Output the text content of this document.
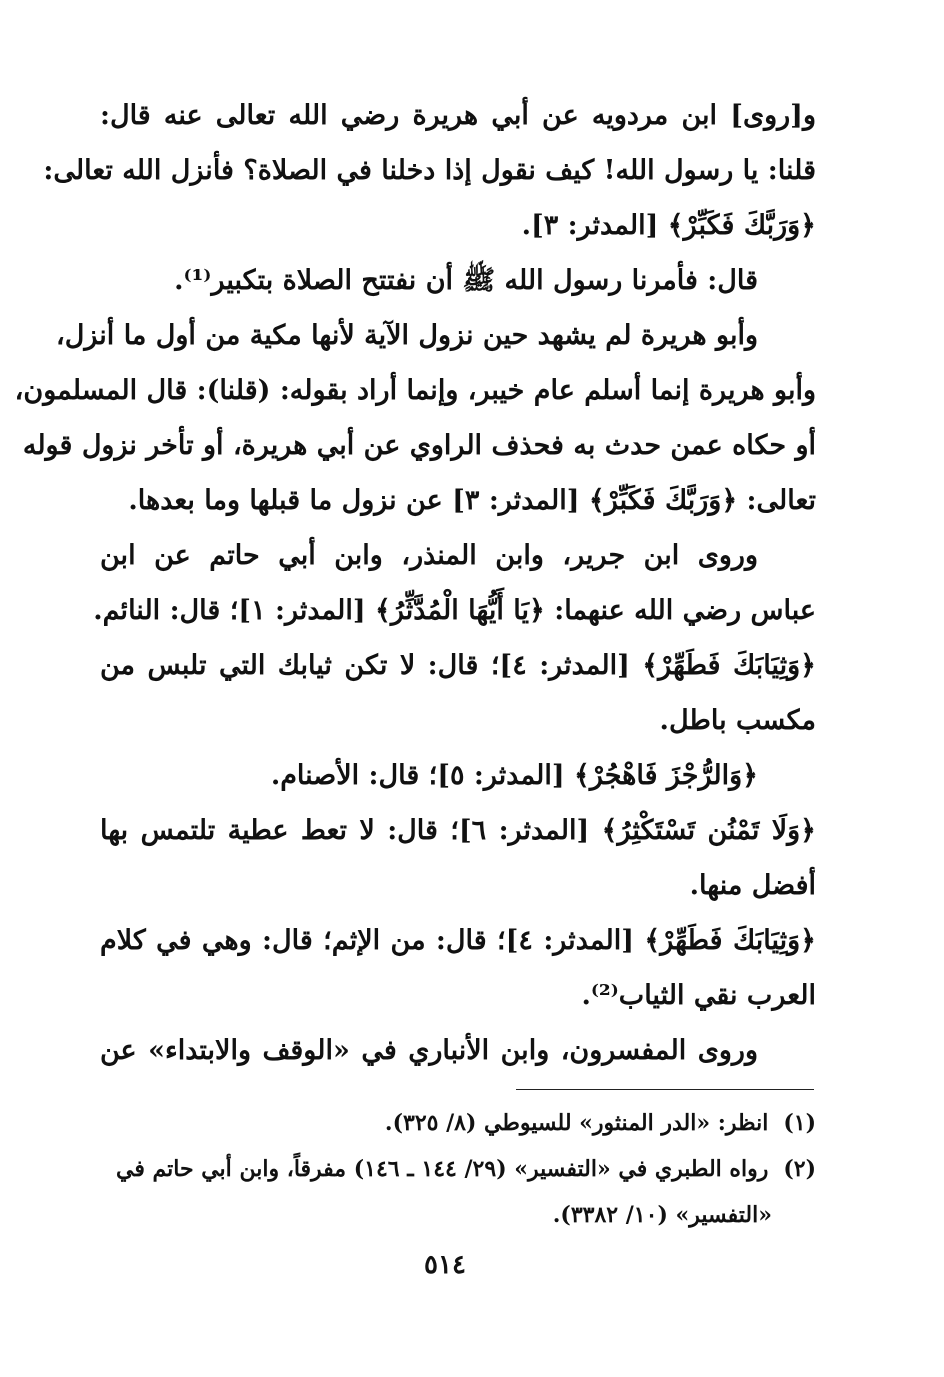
و[روى] ابن مردويه عن أبي هريرة رضي الله تعالى عنه قال:
قلنا: يا رسول الله! كيف نقول إذا دخلنا في الصلاة؟ فأنزل الله تعالى:
﴿وَرَبَّكَ فَكَبِّرْ﴾ [المدثر: ٣].
قال: فأمرنا رسول الله ﷺ أن نفتتح الصلاة بتكبير⁽¹⁾.
وأبو هريرة لم يشهد حين نزول الآية لأنها مكية من أول ما أنزل،
وأبو هريرة إنما أسلم عام خيبر، وإنما أراد بقوله: (قلنا): قال المسلمون،
أو حكاه عمن حدث به فحذف الراوي عن أبي هريرة، أو تأخر نزول قوله
تعالى: ﴿وَرَبَّكَ فَكَبِّرْ﴾ [المدثر: ٣] عن نزول ما قبلها وما بعدها.
وروى ابن جرير، وابن المنذر، وابن أبي حاتم عن ابن
عباس رضي الله عنهما: ﴿يَا أَيُّهَا الْمُدَّثِّرُ﴾ [المدثر: ١]؛ قال: النائم.
﴿وَثِيَابَكَ فَطَهِّرْ﴾ [المدثر: ٤]؛ قال: لا تكن ثيابك التي تلبس من
مكسب باطل.
﴿وَالرُّجْزَ فَاهْجُرْ﴾ [المدثر: ٥]؛ قال: الأصنام.
﴿وَلَا تَمْنُن تَسْتَكْثِرُ﴾ [المدثر: ٦]؛ قال: لا تعط عطية تلتمس بها
أفضل منها.
﴿وَثِيَابَكَ فَطَهِّرْ﴾ [المدثر: ٤]؛ قال: من الإثم؛ قال: وهي في كلام
العرب نقي الثياب⁽²⁾.
وروى المفسرون، وابن الأنباري في «الوقف والابتداء» عن
(١) انظر: «الدر المنثور» للسيوطي (٨/ ٣٢٥).
(٢) رواه الطبري في «التفسير» (٢٩/ ١٤٤ ـ ١٤٦) مفرقاً، وابن أبي حاتم في
«التفسير» (١٠/ ٣٣٨٢).
٥١٤
